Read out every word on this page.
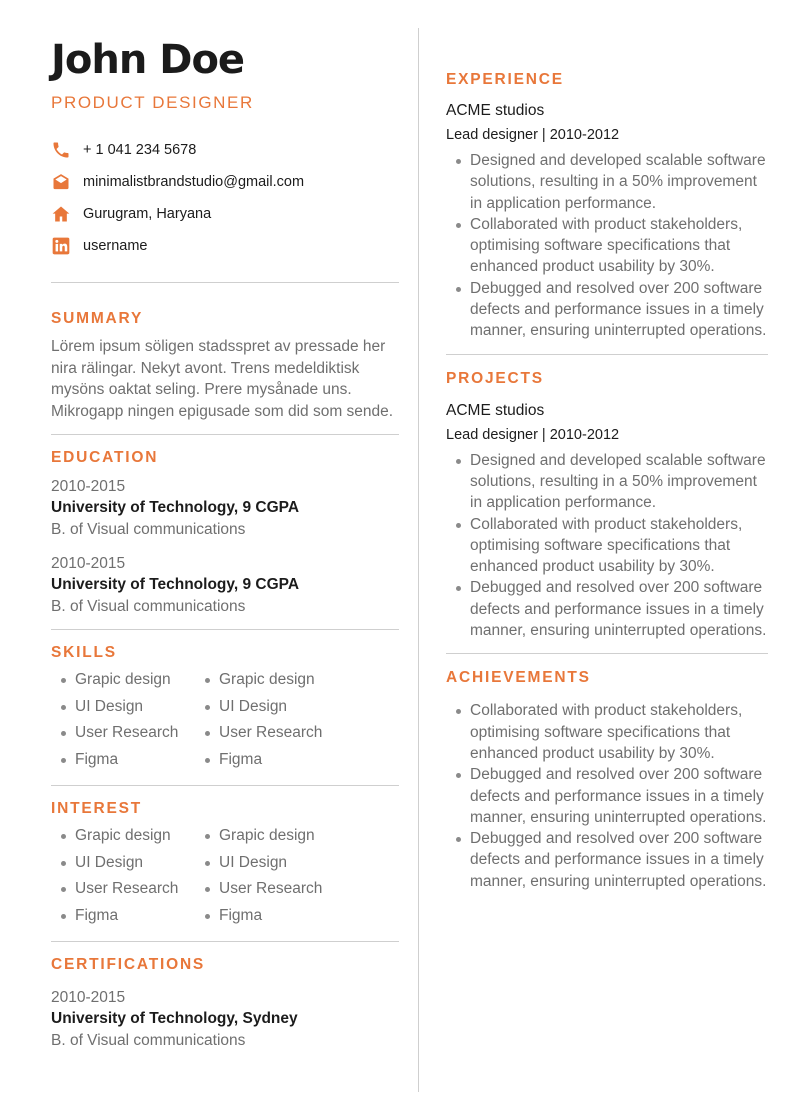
John Doe
PRODUCT DESIGNER
+ 1 041 234 5678
minimalistbrandstudio@gmail.com
Gurugram, Haryana
username
SUMMARY
Lörem ipsum söligen stadsspret av pressade her nira rälingar. Nekyt avont. Trens medeldiktisk mysöns oaktat seling. Prere mysånade uns. Mikrogapp ningen epigusade som did som sende.
EDUCATION
2010-2015
University of Technology, 9 CGPA
B. of Visual communications
2010-2015
University of Technology, 9 CGPA
B. of Visual communications
SKILLS
Grapic design
UI Design
User Research
Figma
Grapic design
UI Design
User Research
Figma
INTEREST
Grapic design
UI Design
User Research
Figma
Grapic design
UI Design
User Research
Figma
CERTIFICATIONS
2010-2015
University of Technology, Sydney
B. of Visual communications
EXPERIENCE
ACME studios
Lead designer | 2010-2012
Designed and developed scalable software solutions, resulting in a 50% improvement in application performance.
Collaborated with product stakeholders, optimising software specifications that enhanced product usability by 30%.
Debugged and resolved over 200 software defects and performance issues in a timely manner, ensuring uninterrupted operations.
PROJECTS
ACME studios
Lead designer | 2010-2012
Designed and developed scalable software solutions, resulting in a 50% improvement in application performance.
Collaborated with product stakeholders, optimising software specifications that enhanced product usability by 30%.
Debugged and resolved over 200 software defects and performance issues in a timely manner, ensuring uninterrupted operations.
ACHIEVEMENTS
Collaborated with product stakeholders, optimising software specifications that enhanced product usability by 30%.
Debugged and resolved over 200 software defects and performance issues in a timely manner, ensuring uninterrupted operations.
Debugged and resolved over 200 software defects and performance issues in a timely manner, ensuring uninterrupted operations.
